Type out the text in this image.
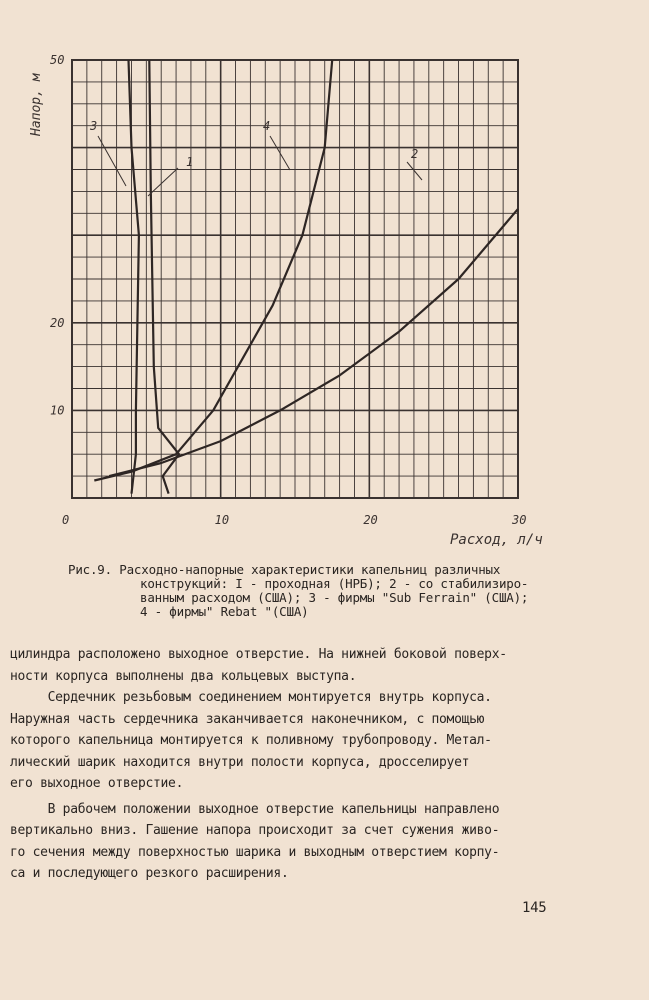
1
2
3	4
0	10	20	30
10
20
50
Напор, м
Расход, л/ч
Рис.9. Расходно-напорные характеристики капельниц различных
конструкций: I - проходная (НРБ); 2 - со стабилизиро-
ванным расходом (США); 3 - фирмы "Sub Ferrain" (США);
4 - фирмы" Rebat "(США)
цилиндра расположено выходное отверстие. На нижней боковой поверх-
ности корпуса выполнены два кольцевых выступа.
Сердечник резьбовым соединением монтируется внутрь корпуса.
Наружная часть сердечника заканчивается наконечником, с помощью
которого капельница монтируется к поливному трубопроводу. Метал-
лический шарик находится внутри полости корпуса, дросселирует
его выходное отверстие.
В рабочем положении выходное отверстие капельницы направлено
вертикально вниз. Гашение напора происходит за счет сужения живо-
го сечения между поверхностью шарика и выходным отверстием корпу-
са и последующего резкого расширения.
145
